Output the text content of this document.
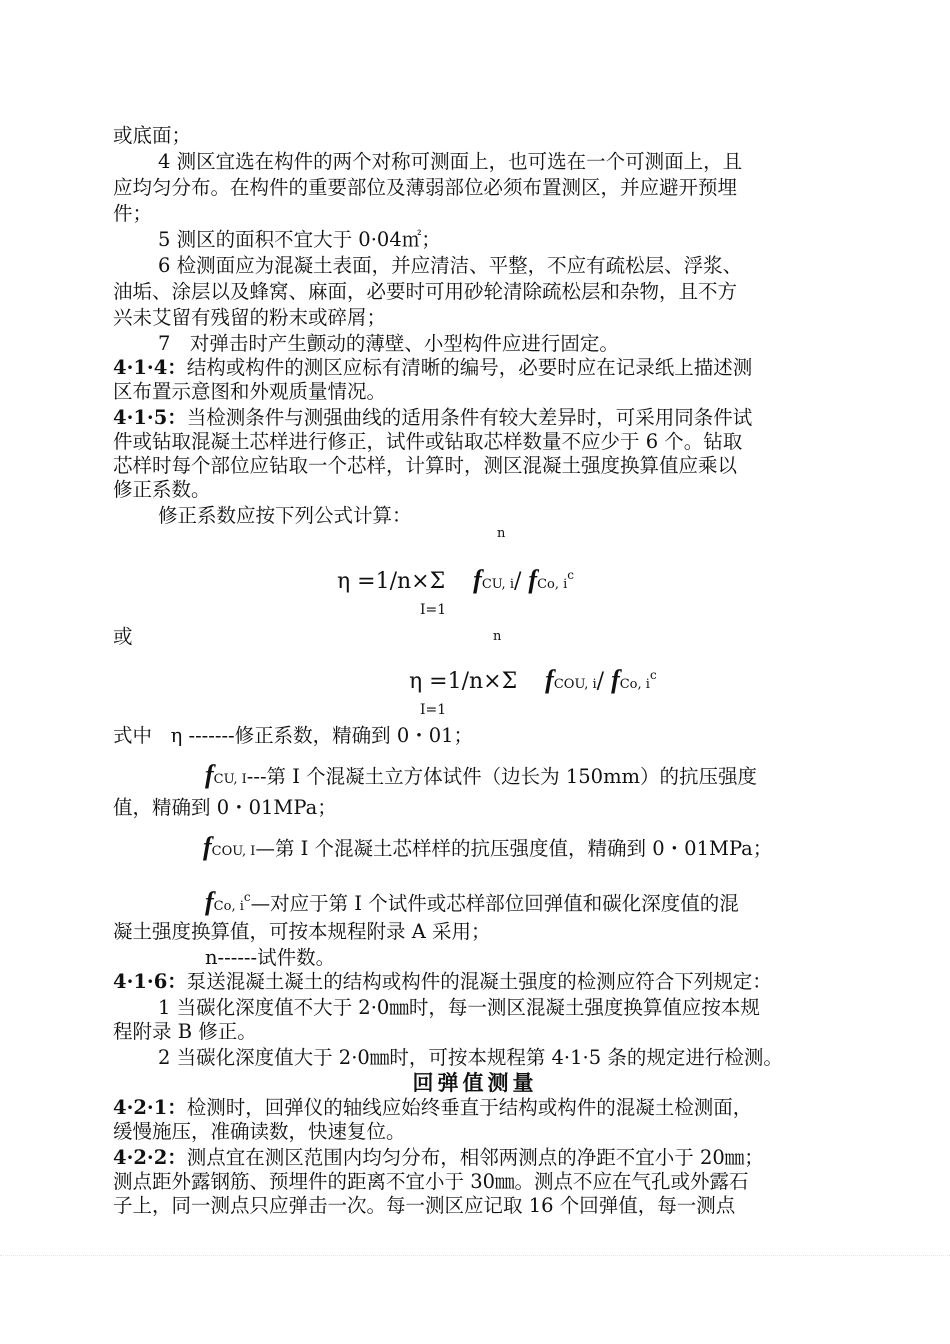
或底面；
4 测区宜选在构件的两个对称可测面上，也可选在一个可测面上，且
应均匀分布。在构件的重要部位及薄弱部位必须布置测区，并应避开预埋
件；
5 测区的面积不宜大于 0·04㎡；
6 检测面应为混凝土表面，并应清洁、平整，不应有疏松层、浮浆、
油垢、涂层以及蜂窝、麻面，必要时可用砂轮清除疏松层和杂物，且不方
兴未艾留有残留的粉末或碎屑；
7　对弹击时产生颤动的薄壁、小型构件应进行固定。
4·1·4：结构或构件的测区应标有清晰的编号，必要时应在记录纸上描述测
区布置示意图和外观质量情况。
4·1·5：当检测条件与测强曲线的适用条件有较大差异时，可采用同条件试
件或钻取混凝土芯样进行修正，试件或钻取芯样数量不应少于 6 个。钻取
芯样时每个部位应钻取一个芯样，计算时，测区混凝土强度换算值应乘以
修正系数。
修正系数应按下列公式计算：
n
η =1/n×Σ fCU, i/ fCo, $i^c$
I=1
或	n
η =1/n×Σ fCOU, i/ fCo, $i^c$
I=1
式中 η -------修正系数，精确到 0・01；
fCU, I---第 I 个混凝土立方体试件（边长为 150mm）的抗压强度
值，精确到 0・01MPa；
fCOU, I—第 I 个混凝土芯样样的抗压强度值，精确到 0・01MPa；
fCo, $i^c—$对应于第 I 个试件或芯样部位回弹值和碳化深度值的混
凝土强度换算值，可按本规程附录 A 采用；
n------试件数。
4·1·6：泵送混凝土凝土的结构或构件的混凝土强度的检测应符合下列规定：
1 当碳化深度值不大于 2·0㎜时，每一测区混凝土强度换算值应按本规
程附录 B 修正。
2 当碳化深度值大于 2·0㎜时，可按本规程第 4·1·5 条的规定进行检测。
回弹值测量
4·2·1：检测时，回弹仪的轴线应始终垂直于结构或构件的混凝土检测面，
缓慢施压，准确读数，快速复位。
4·2·2：测点宜在测区范围内均匀分布，相邻两测点的净距不宜小于 20㎜；
测点距外露钢筋、预埋件的距离不宜小于 30㎜。测点不应在气孔或外露石
子上，同一测点只应弹击一次。每一测区应记取 16 个回弹值，每一测点
